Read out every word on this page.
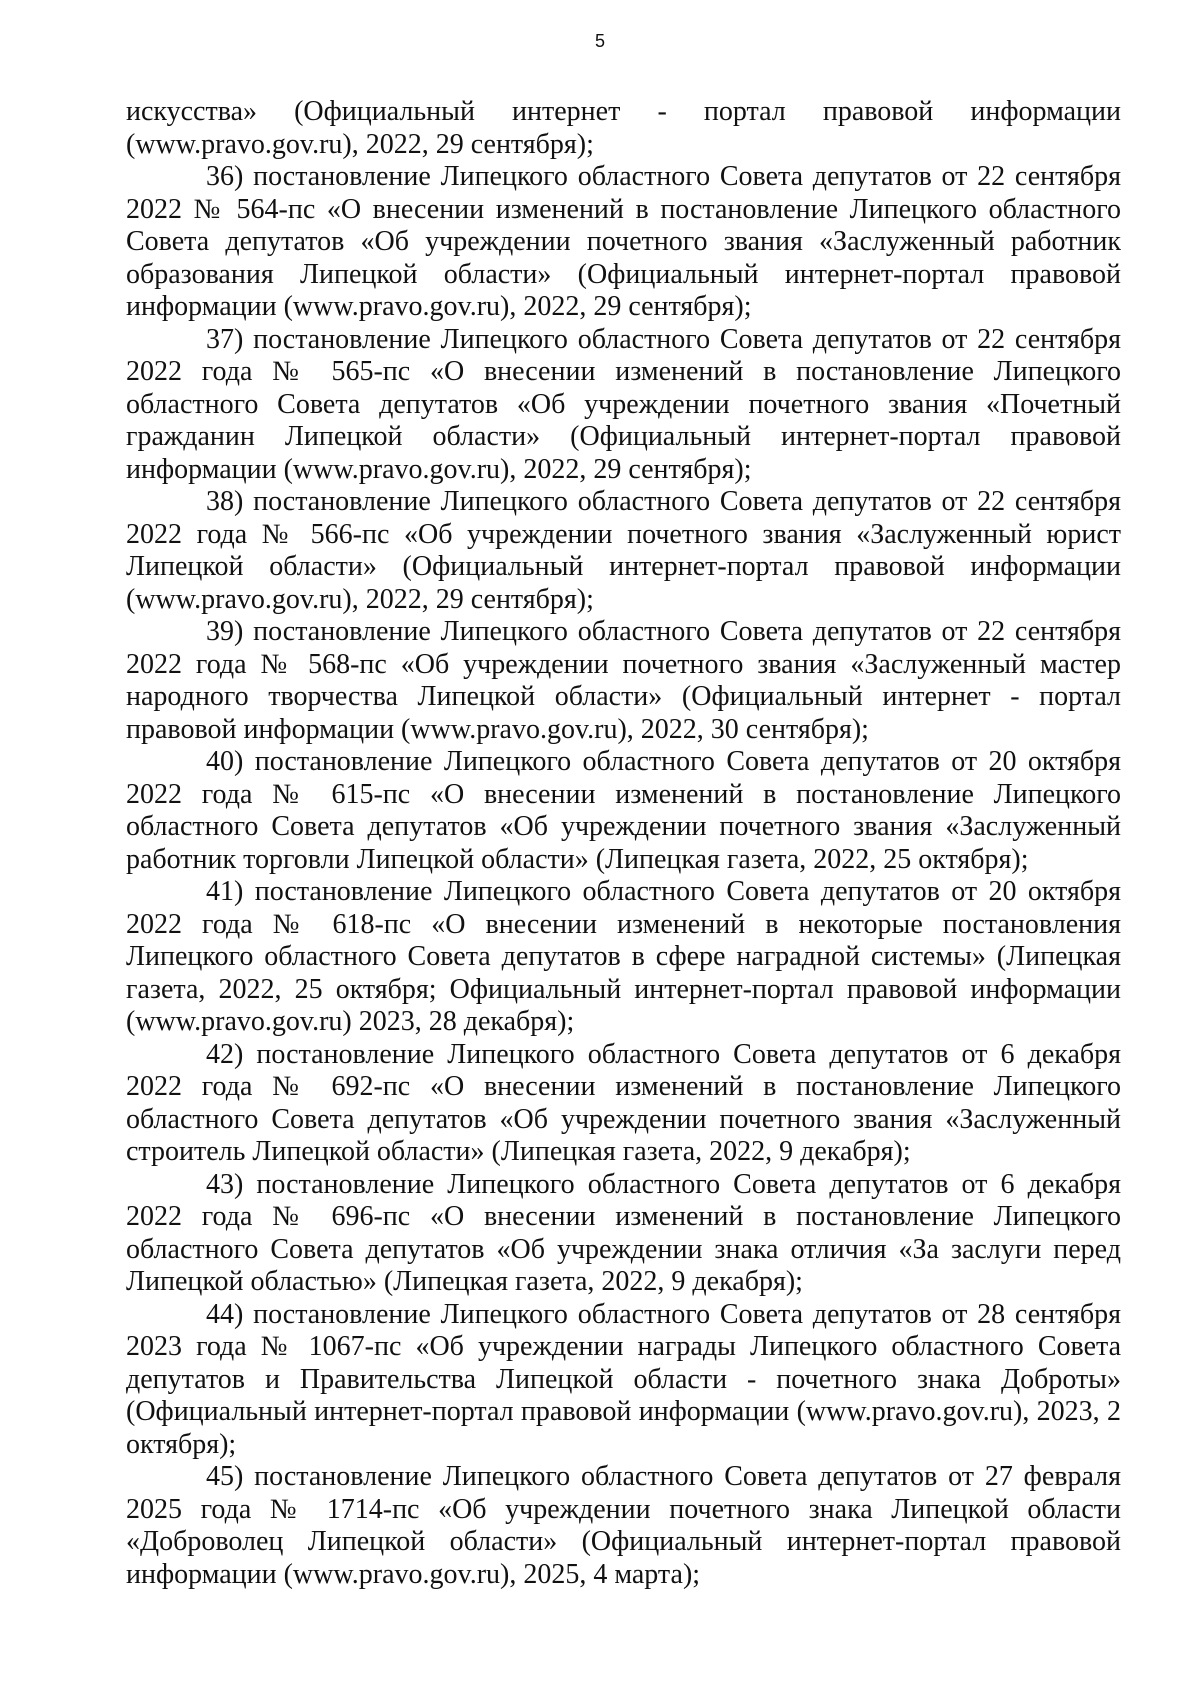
5

искусства» (Официальный интернет - портал правовой информации (www.pravo.gov.ru), 2022, 29 сентября);

36) постановление Липецкого областного Совета депутатов от 22 сентября 2022 № 564-пс «О внесении изменений в постановление Липецкого областного Совета депутатов «Об учреждении почетного звания «Заслуженный работник образования Липецкой области» (Официальный интернет-портал правовой информации (www.pravo.gov.ru), 2022, 29 сентября);

37) постановление Липецкого областного Совета депутатов от 22 сентября 2022 года № 565-пс «О внесении изменений в постановление Липецкого областного Совета депутатов «Об учреждении почетного звания «Почетный гражданин Липецкой области» (Официальный интернет-портал правовой информации (www.pravo.gov.ru), 2022, 29 сентября);

38) постановление Липецкого областного Совета депутатов от 22 сентября 2022 года № 566-пс «Об учреждении почетного звания «Заслуженный юрист Липецкой области» (Официальный интернет-портал правовой информации (www.pravo.gov.ru), 2022, 29 сентября);

39) постановление Липецкого областного Совета депутатов от 22 сентября 2022 года № 568-пс «Об учреждении почетного звания «Заслуженный мастер народного творчества Липецкой области» (Официальный интернет - портал правовой информации (www.pravo.gov.ru), 2022, 30 сентября);

40) постановление Липецкого областного Совета депутатов от 20 октября 2022 года № 615-пс «О внесении изменений в постановление Липецкого областного Совета депутатов «Об учреждении почетного звания «Заслуженный работник торговли Липецкой области» (Липецкая газета, 2022, 25 октября);

41) постановление Липецкого областного Совета депутатов от 20 октября 2022 года № 618-пс «О внесении изменений в некоторые постановления Липецкого областного Совета депутатов в сфере наградной системы» (Липецкая газета, 2022, 25 октября; Официальный интернет-портал правовой информации (www.pravo.gov.ru) 2023, 28 декабря);

42) постановление Липецкого областного Совета депутатов от 6 декабря 2022 года № 692-пс «О внесении изменений в постановление Липецкого областного Совета депутатов «Об учреждении почетного звания «Заслуженный строитель Липецкой области» (Липецкая газета, 2022, 9 декабря);

43) постановление Липецкого областного Совета депутатов от 6 декабря 2022 года № 696-пс «О внесении изменений в постановление Липецкого областного Совета депутатов «Об учреждении знака отличия «За заслуги перед Липецкой областью» (Липецкая газета, 2022, 9 декабря);

44) постановление Липецкого областного Совета депутатов от 28 сентября 2023 года № 1067-пс «Об учреждении награды Липецкого областного Совета депутатов и Правительства Липецкой области - почетного знака Доброты» (Официальный интернет-портал правовой информации (www.pravo.gov.ru), 2023, 2 октября);

45) постановление Липецкого областного Совета депутатов от 27 февраля 2025 года № 1714-пс «Об учреждении почетного знака Липецкой области «Доброволец Липецкой области» (Официальный интернет-портал правовой информации (www.pravo.gov.ru), 2025, 4 марта);
